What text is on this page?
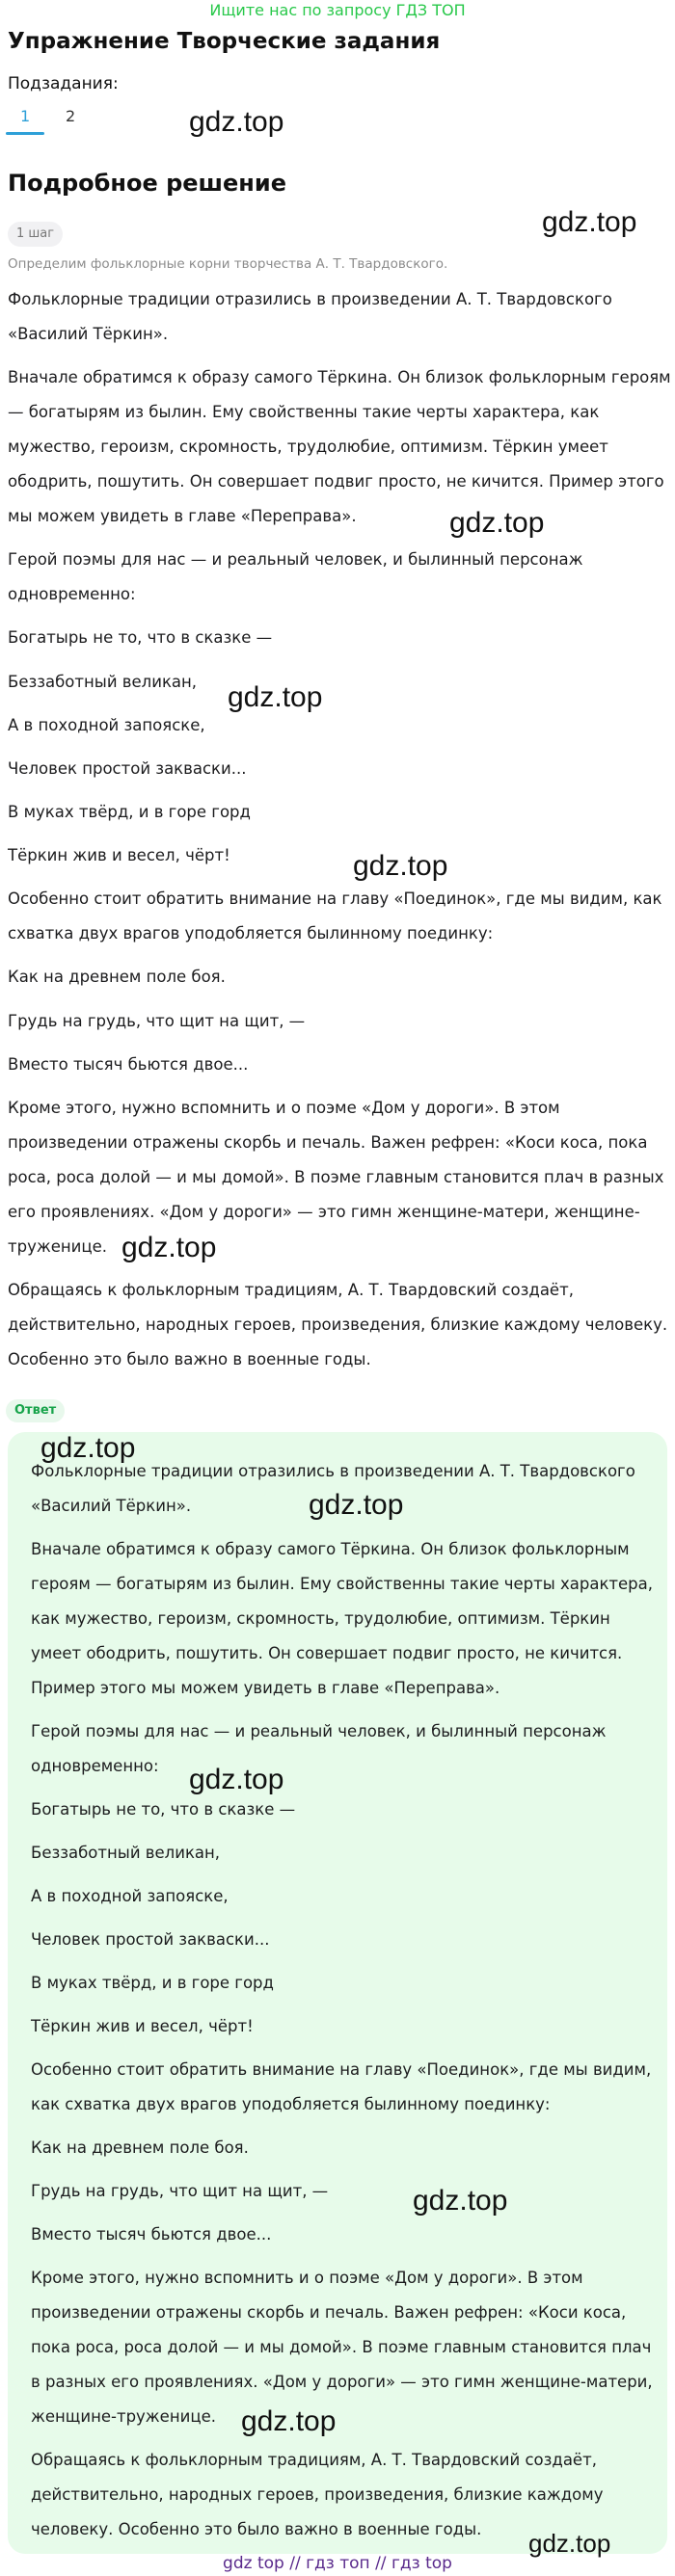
Ищите нас по запросу ГДЗ ТОП
Упражнение Творческие задания
Подзадания:
1 2
Подробное решение
1 шаг
Определим фольклорные корни творчества А. Т. Твардовского.
Фольклорные традиции отразились в произведении А. Т. Твардовского
«Василий Тёркин».
Вначале обратимся к образу самого Тёркина. Он близок фольклорным героям
— богатырям из былин. Ему свойственны такие черты характера, как
мужество, героизм, скромность, трудолюбие, оптимизм. Тёркин умеет
ободрить, пошутить. Он совершает подвиг просто, не кичится. Пример этого
мы можем увидеть в главе «Переправа».
Герой поэмы для нас — и реальный человек, и былинный персонаж
одновременно:
Богатырь не то, что в сказке —
Беззаботный великан,
А в походной запояске,
Человек простой закваски...
В муках твёрд, и в горе горд
Тёркин жив и весел, чёрт!
Особенно стоит обратить внимание на главу «Поединок», где мы видим, как
схватка двух врагов уподобляется былинному поединку:
Как на древнем поле боя.
Грудь на грудь, что щит на щит, —
Вместо тысяч бьются двое...
Кроме этого, нужно вспомнить и о поэме «Дом у дороги». В этом
произведении отражены скорбь и печаль. Важен рефрен: «Коси коса, пока
роса, роса долой — и мы домой». В поэме главным становится плач в разных
его проявлениях. «Дом у дороги» — это гимн женщине-матери, женщине-
труженице.
Обращаясь к фольклорным традициям, А. Т. Твардовский создаёт,
действительно, народных героев, произведения, близкие каждому человеку.
Особенно это было важно в военные годы.
Ответ
Фольклорные традиции отразились в произведении А. Т. Твардовского
«Василий Тёркин».
Вначале обратимся к образу самого Тёркина. Он близок фольклорным
героям — богатырям из былин. Ему свойственны такие черты характера,
как мужество, героизм, скромность, трудолюбие, оптимизм. Тёркин
умеет ободрить, пошутить. Он совершает подвиг просто, не кичится.
Пример этого мы можем увидеть в главе «Переправа».
Герой поэмы для нас — и реальный человек, и былинный персонаж
одновременно:
Богатырь не то, что в сказке —
Беззаботный великан,
А в походной запояске,
Человек простой закваски...
В муках твёрд, и в горе горд
Тёркин жив и весел, чёрт!
Особенно стоит обратить внимание на главу «Поединок», где мы видим,
как схватка двух врагов уподобляется былинному поединку:
Как на древнем поле боя.
Грудь на грудь, что щит на щит, —
Вместо тысяч бьются двое...
Кроме этого, нужно вспомнить и о поэме «Дом у дороги». В этом
произведении отражены скорбь и печаль. Важен рефрен: «Коси коса,
пока роса, роса долой — и мы домой». В поэме главным становится плач
в разных его проявлениях. «Дом у дороги» — это гимн женщине-матери,
женщине-труженице.
Обращаясь к фольклорным традициям, А. Т. Твардовский создаёт,
действительно, народных героев, произведения, близкие каждому
человеку. Особенно это было важно в военные годы.
gdz.top
gdz.top
gdz.top
gdz.top
gdz.top
gdz.top
gdz.top
gdz.top
gdz.top
gdz.top
gdz.top
gdz.top
gdz top // гдз топ // гдз top
